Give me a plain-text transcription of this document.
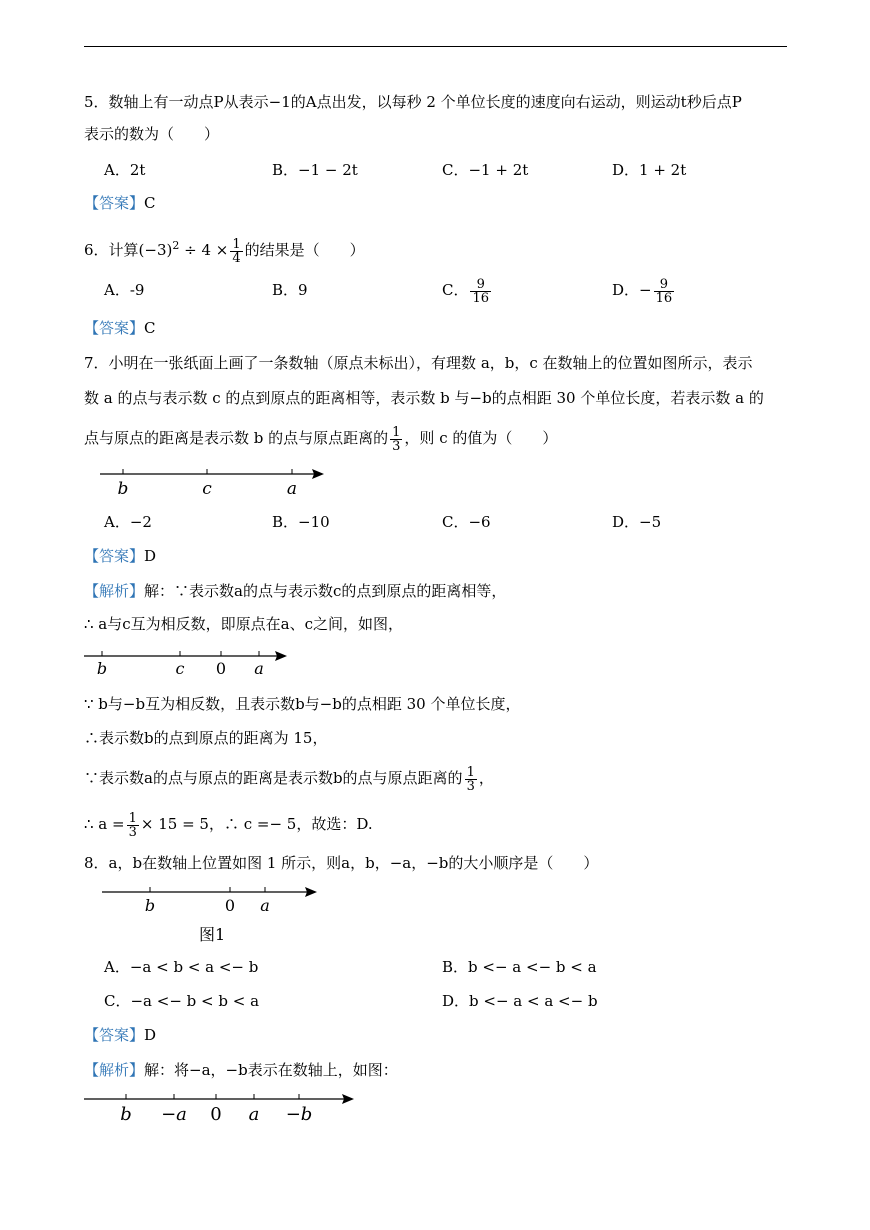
5．数轴上有一动点P从表示−1的A点出发，以每秒 2 个单位长度的速度向右运动，则运动t秒后点P
表示的数为（　　）
A．2t	B．−1 − 2t	C．−1 + 2t	D．1 + 2t
【答案】C
6．计算$(-3)^2 \div 4 \times \frac{1}{4}$ 的结果是（　　）
A．-9	B．9	C． $\frac{9}{16}$	D．− $\frac{9}{16}$
【答案】C
7．小明在一张纸面上画了一条数轴（原点未标出），有理数 a，b，c 在数轴上的位置如图所示，表示
数 a 的点与表示数 c 的点到原点的距离相等，表示数 b 与−b的点相距 30 个单位长度，若表示数 a 的
点与原点的距离是表示数 b 的点与原点距离的 $\frac{1}{3}$ ，则 c 的值为（　　）
b	c	a
A．−2	B．−10	C．−6	D．−5
【答案】D
【解析】解：∵表示数a的点与表示数c的点到原点的距离相等，
∴ a与c互为相反数，即原点在a、c之间，如图，
b	c 0 a
∵ b与−b互为相反数，且表示数b与−b的点相距 30 个单位长度，
∴表示数b的点到原点的距离为 15，
∵表示数a的点与原点的距离是表示数b的点与原点距离的 $\frac{1}{3}$ ，
∴ $a = \frac{1}{3} \times 15 = 5$，∴ c =− 5，故选：D.
8．a，b在数轴上位置如图 1 所示，则a，b，−a，−b的大小顺序是（　　）
b	0 a
图1
A．−a < b < a <− b	B．b <− a <− b < a
C．−a <− b < b < a	D．b <− a < a <− b
【答案】D
【解析】解：将−a，−b表示在数轴上，如图：
b −a 0 a −b
